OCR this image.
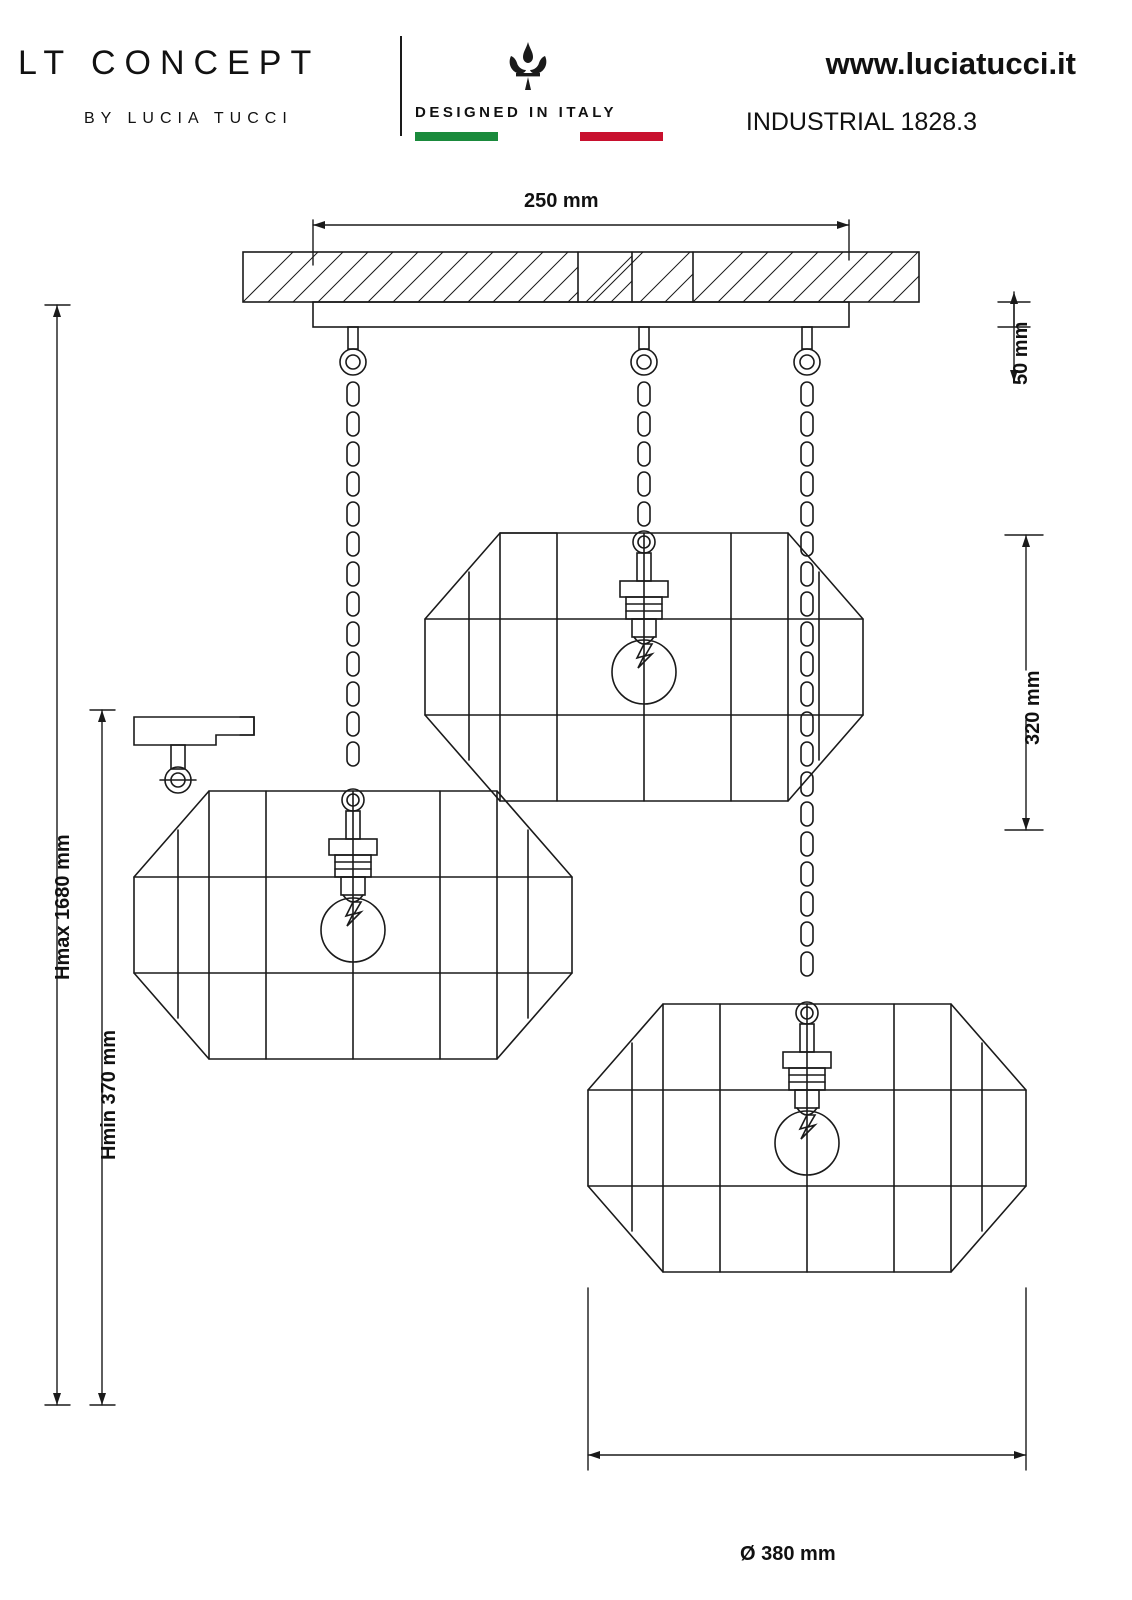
LT CONCEPT
BY LUCIA TUCCI	DESIGNED IN ITALY
www.luciatucci.it
INDUSTRIAL 1828.3
250 mm
50 mm
320 mm
Hmax 1680 mm
Hmin 370 mm
Ø 380 mm
